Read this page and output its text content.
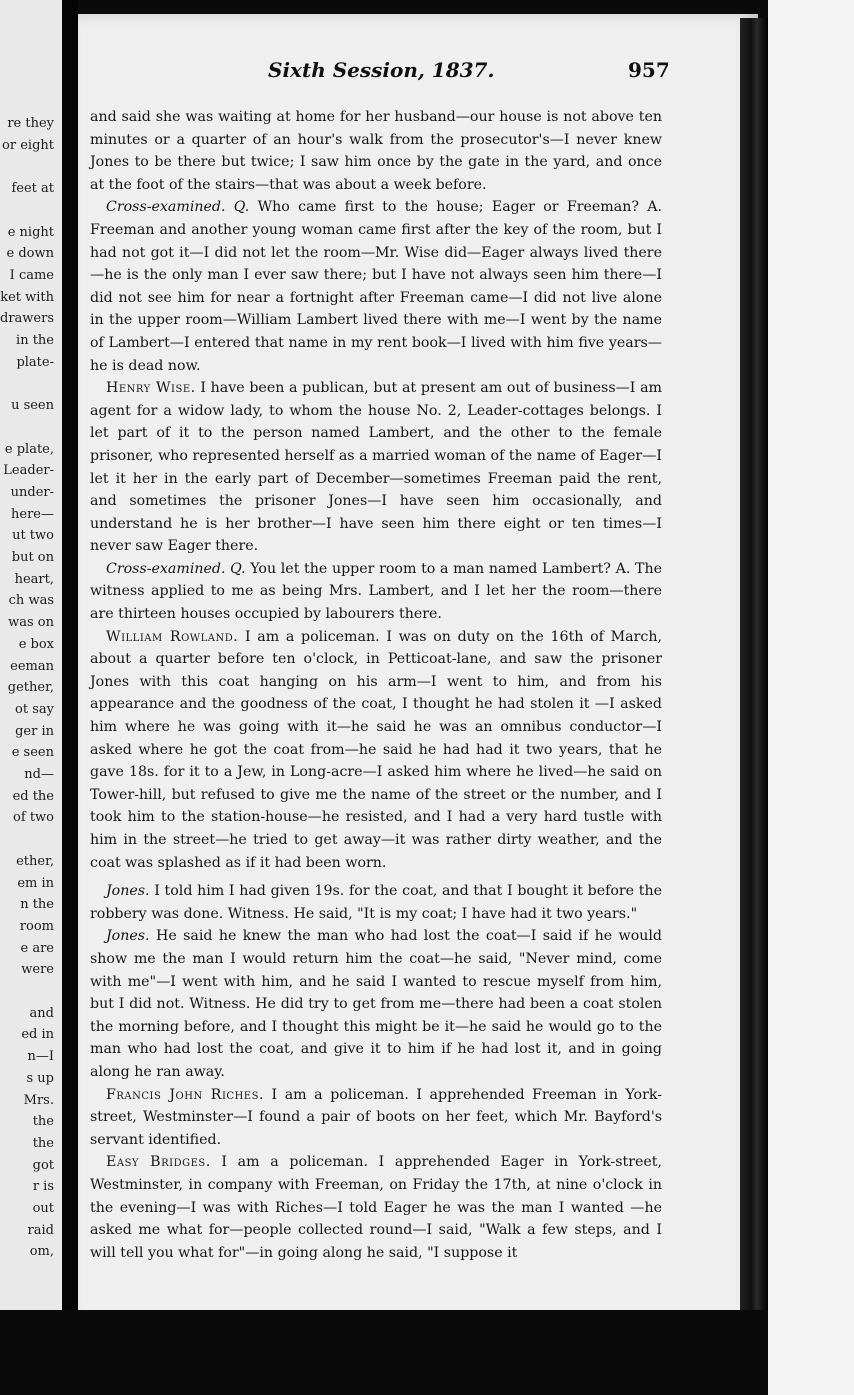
re they
or eight
feet at
e night
e down
I came
ket with
drawers
in the
plate-
u seen
e plate,
Leader-
under-
here—
ut two
but on
heart,
ch was
was on
e box
eeman
gether,
ot say
ger in
e seen
nd—
ed the
of two
ether,
em in
n the
room
e are
were
and
ed in
n—I
s up
Mrs.
the
the
got
r is
out
raid
om,
Sixth Session, 1837.	957

and said she was waiting at home for her husband—our house is not above ten minutes or a quarter of an hour's walk from the prosecutor's—I never knew Jones to be there but twice; I saw him once by the gate in the yard, and once at the foot of the stairs—that was about a week before.

Cross-examined. Q. Who came first to the house; Eager or Freeman? A. Freeman and another young woman came first after the key of the room, but I had not got it—I did not let the room—Mr. Wise did—Eager always lived there—he is the only man I ever saw there; but I have not always seen him there—I did not see him for near a fortnight after Freeman came—I did not live alone in the upper room—William Lambert lived there with me—I went by the name of Lambert—I entered that name in my rent book—I lived with him five years—he is dead now.

Henry Wise. I have been a publican, but at present am out of business—I am agent for a widow lady, to whom the house No. 2, Leader-cottages belongs. I let part of it to the person named Lambert, and the other to the female prisoner, who represented herself as a married woman of the name of Eager—I let it her in the early part of December—sometimes Freeman paid the rent, and sometimes the prisoner Jones—I have seen him occasionally, and understand he is her brother—I have seen him there eight or ten times—I never saw Eager there.

Cross-examined. Q. You let the upper room to a man named Lambert? A. The witness applied to me as being Mrs. Lambert, and I let her the room—there are thirteen houses occupied by labourers there.

William Rowland. I am a policeman. I was on duty on the 16th of March, about a quarter before ten o'clock, in Petticoat-lane, and saw the prisoner Jones with this coat hanging on his arm—I went to him, and from his appearance and the goodness of the coat, I thought he had stolen it —I asked him where he was going with it—he said he was an omnibus conductor—I asked where he got the coat from—he said he had had it two years, that he gave 18s. for it to a Jew, in Long-acre—I asked him where he lived—he said on Tower-hill, but refused to give me the name of the street or the number, and I took him to the station-house—he resisted, and I had a very hard tustle with him in the street—he tried to get away—it was rather dirty weather, and the coat was splashed as if it had been worn.

Jones. I told him I had given 19s. for the coat, and that I bought it before the robbery was done. Witness. He said, "It is my coat; I have had it two years."

Jones. He said he knew the man who had lost the coat—I said if he would show me the man I would return him the coat—he said, "Never mind, come with me"—I went with him, and he said I wanted to rescue myself from him, but I did not. Witness. He did try to get from me—there had been a coat stolen the morning before, and I thought this might be it—he said he would go to the man who had lost the coat, and give it to him if he had lost it, and in going along he ran away.

Francis John Riches. I am a policeman. I apprehended Freeman in York-street, Westminster—I found a pair of boots on her feet, which Mr. Bayford's servant identified.

Easy Bridges. I am a policeman. I apprehended Eager in York-street, Westminster, in company with Freeman, on Friday the 17th, at nine o'clock in the evening—I was with Riches—I told Eager he was the man I wanted —he asked me what for—people collected round—I said, "Walk a few steps, and I will tell you what for"—in going along he said, "I suppose it
